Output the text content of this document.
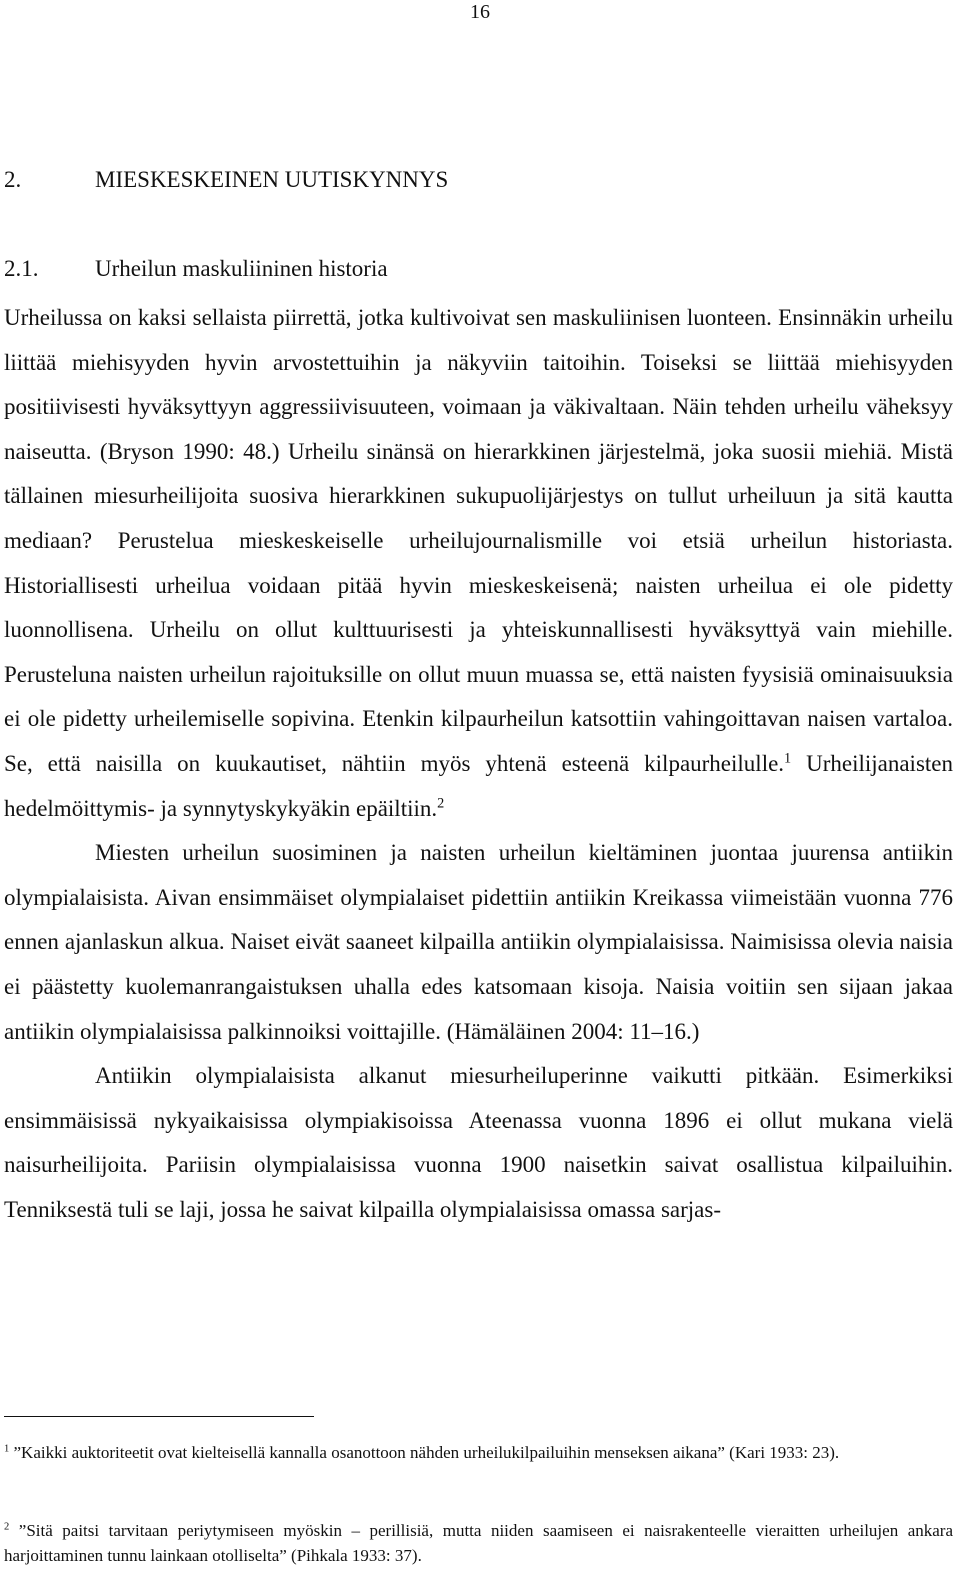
16
2.	MIESKESKEINEN UUTISKYNNYS
2.1. Urheilun maskuliininen historia

Urheilussa on kaksi sellaista piirrettä, jotka kultivoivat sen maskuliinisen luonteen. Ensinnäkin urheilu liittää miehisyyden hyvin arvostettuihin ja näkyviin taitoihin. Toiseksi se liittää miehisyyden positiivisesti hyväksyttyyn aggressiivisuuteen, voimaan ja väkivaltaan. Näin tehden urheilu väheksyy naiseutta. (Bryson 1990: 48.) Urheilu sinänsä on hierarkkinen järjestelmä, joka suosii miehiä. Mistä tällainen miesurheilijoita suosiva hierarkkinen sukupuolijärjestys on tullut urheiluun ja sitä kautta mediaan? Perustelua mieskeskeiselle urheilujournalismille voi etsiä urheilun historiasta. Historiallisesti urheilua voidaan pitää hyvin mieskeskeisenä; naisten urheilua ei ole pidetty luonnollisena. Urheilu on ollut kulttuurisesti ja yhteiskunnallisesti hyväksyttyä vain miehille. Perusteluna naisten urheilun rajoituksille on ollut muun muassa se, että naisten fyysisiä ominaisuuksia ei ole pidetty urheilemiselle sopivina. Etenkin kilpaurheilun katsottiin vahingoittavan naisen vartaloa. Se, että naisilla on kuukautiset, nähtiin myös yhtenä esteenä kilpaurheilulle.$^1$ Urheilijanaisten hedelmöittymis- ja synnytyskykyäkin epäiltiin.$^2$

Miesten urheilun suosiminen ja naisten urheilun kieltäminen juontaa juurensa antiikin olympialaisista. Aivan ensimmäiset olympialaiset pidettiin antiikin Kreikassa viimeistään vuonna 776 ennen ajanlaskun alkua. Naiset eivät saaneet kilpailla antiikin olympialaisissa. Naimisissa olevia naisia ei päästetty kuolemanrangaistuksen uhalla edes katsomaan kisoja. Naisia voitiin sen sijaan jakaa antiikin olympialaisissa palkinnoiksi voittajille. (Hämäläinen 2004: 11–16.)

Antiikin olympialaisista alkanut miesurheiluperinne vaikutti pitkään. Esimerkiksi ensimmäisissä nykyaikaisissa olympiakisoissa Ateenassa vuonna 1896 ei ollut mukana vielä naisurheilijoita. Pariisin olympialaisissa vuonna 1900 naisetkin saivat osallistua kilpailuihin. Tenniksestä tuli se laji, jossa he saivat kilpailla olympialaisissa omassa sarjas-

$^1$ ”Kaikki auktoriteetit ovat kielteisellä kannalla osanottoon nähden urheilukilpailuihin menseksen aikana” (Kari 1933: 23).

$^2$ ”Sitä paitsi tarvitaan periytymiseen myöskin – perillisiä, mutta niiden saamiseen ei naisrakenteelle vieraitten urheilujen ankara harjoittaminen tunnu lainkaan otolliselta” (Pihkala 1933: 37).
